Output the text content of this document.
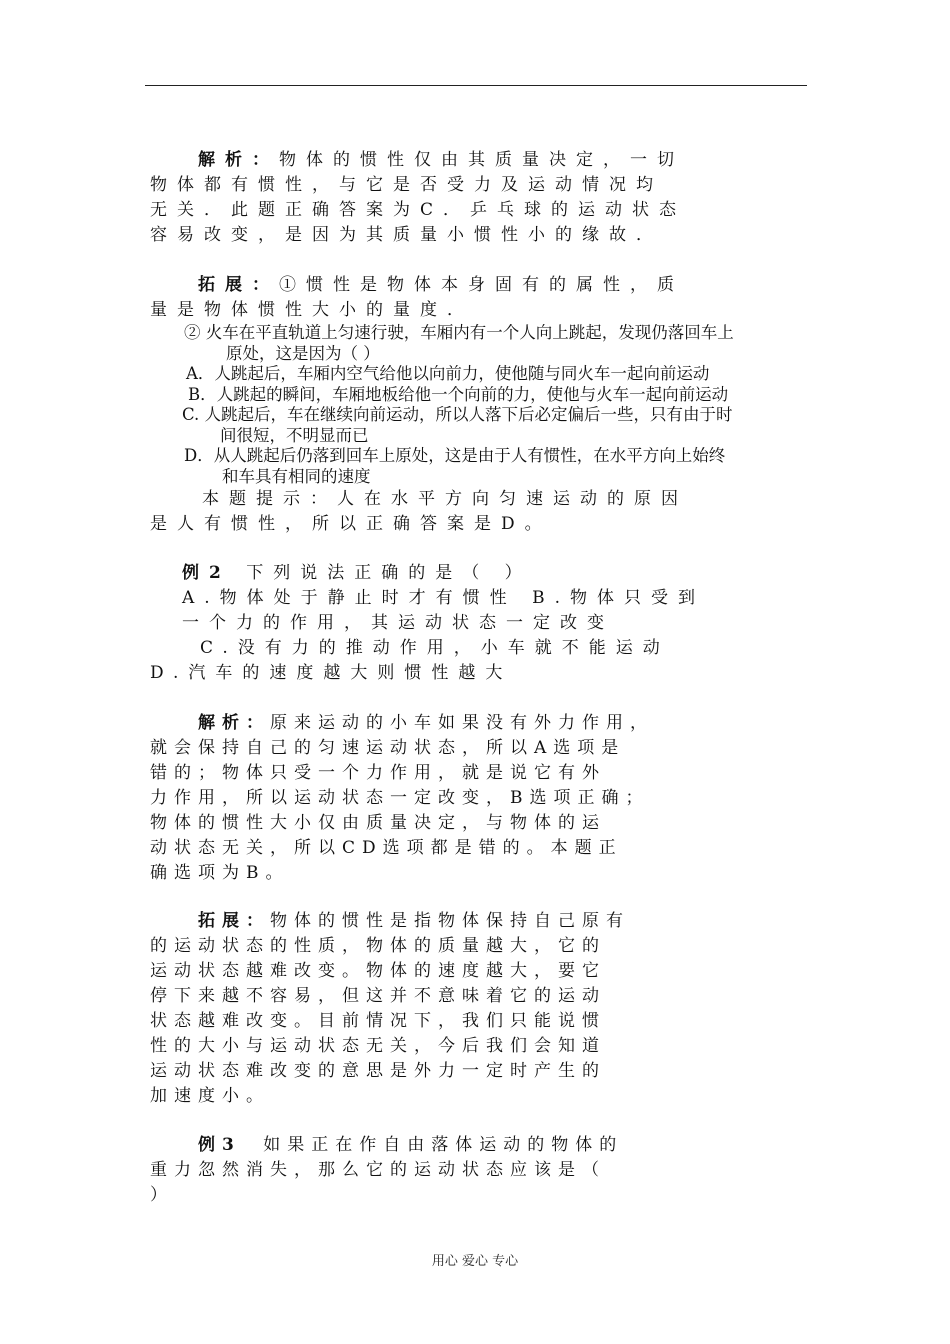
解析：物体的惯性仅由其质量决定，一切
物体都有惯性，与它是否受力及运动情况均
无关．此题正确答案为C．乒乓球的运动状态
容易改变，是因为其质量小惯性小的缘故．
拓展：①惯性是物体本身固有的属性，质
量是物体惯性大小的量度．
② 火车在平直轨道上匀速行驶，车厢内有一个人向上跳起，发现仍落回车上
原处，这是因为（ ）
A．人跳起后，车厢内空气给他以向前力，使他随与同火车一起向前运动
B．人跳起的瞬间，车厢地板给他一个向前的力，使他与火车一起向前运动
C. 人跳起后，车在继续向前运动，所以人落下后必定偏后一些，只有由于时
间很短，不明显而已
D．从人跳起后仍落到回车上原处，这是由于人有惯性，在水平方向上始终
和车具有相同的速度
本题提示：人在水平方向匀速运动的原因
是人有惯性，所以正确答案是D。
例2 下列说法正确的是（ ）
A.物体处于静止时才有惯性 B.物体只受到
一个力的作用，其运动状态一定改变
C.没有力的推动作用，小车就不能运动
D.汽车的速度越大则惯性越大
解析：原来运动的小车如果没有外力作用，
就会保持自己的匀速运动状态，所以A选项是
错的；物体只受一个力作用，就是说它有外
力作用，所以运动状态一定改变，B选项正确；
物体的惯性大小仅由质量决定，与物体的运
动状态无关，所以CD选项都是错的。本题正
确选项为B。
拓展：物体的惯性是指物体保持自己原有
的运动状态的性质，物体的质量越大，它的
运动状态越难改变。物体的速度越大，要它
停下来越不容易，但这并不意味着它的运动
状态越难改变。目前情况下，我们只能说惯
性的大小与运动状态无关，今后我们会知道
运动状态难改变的意思是外力一定时产生的
加速度小。
例3 如果正在作自由落体运动的物体的
重力忽然消失，那么它的运动状态应该是（
）
用心 爱心 专心
